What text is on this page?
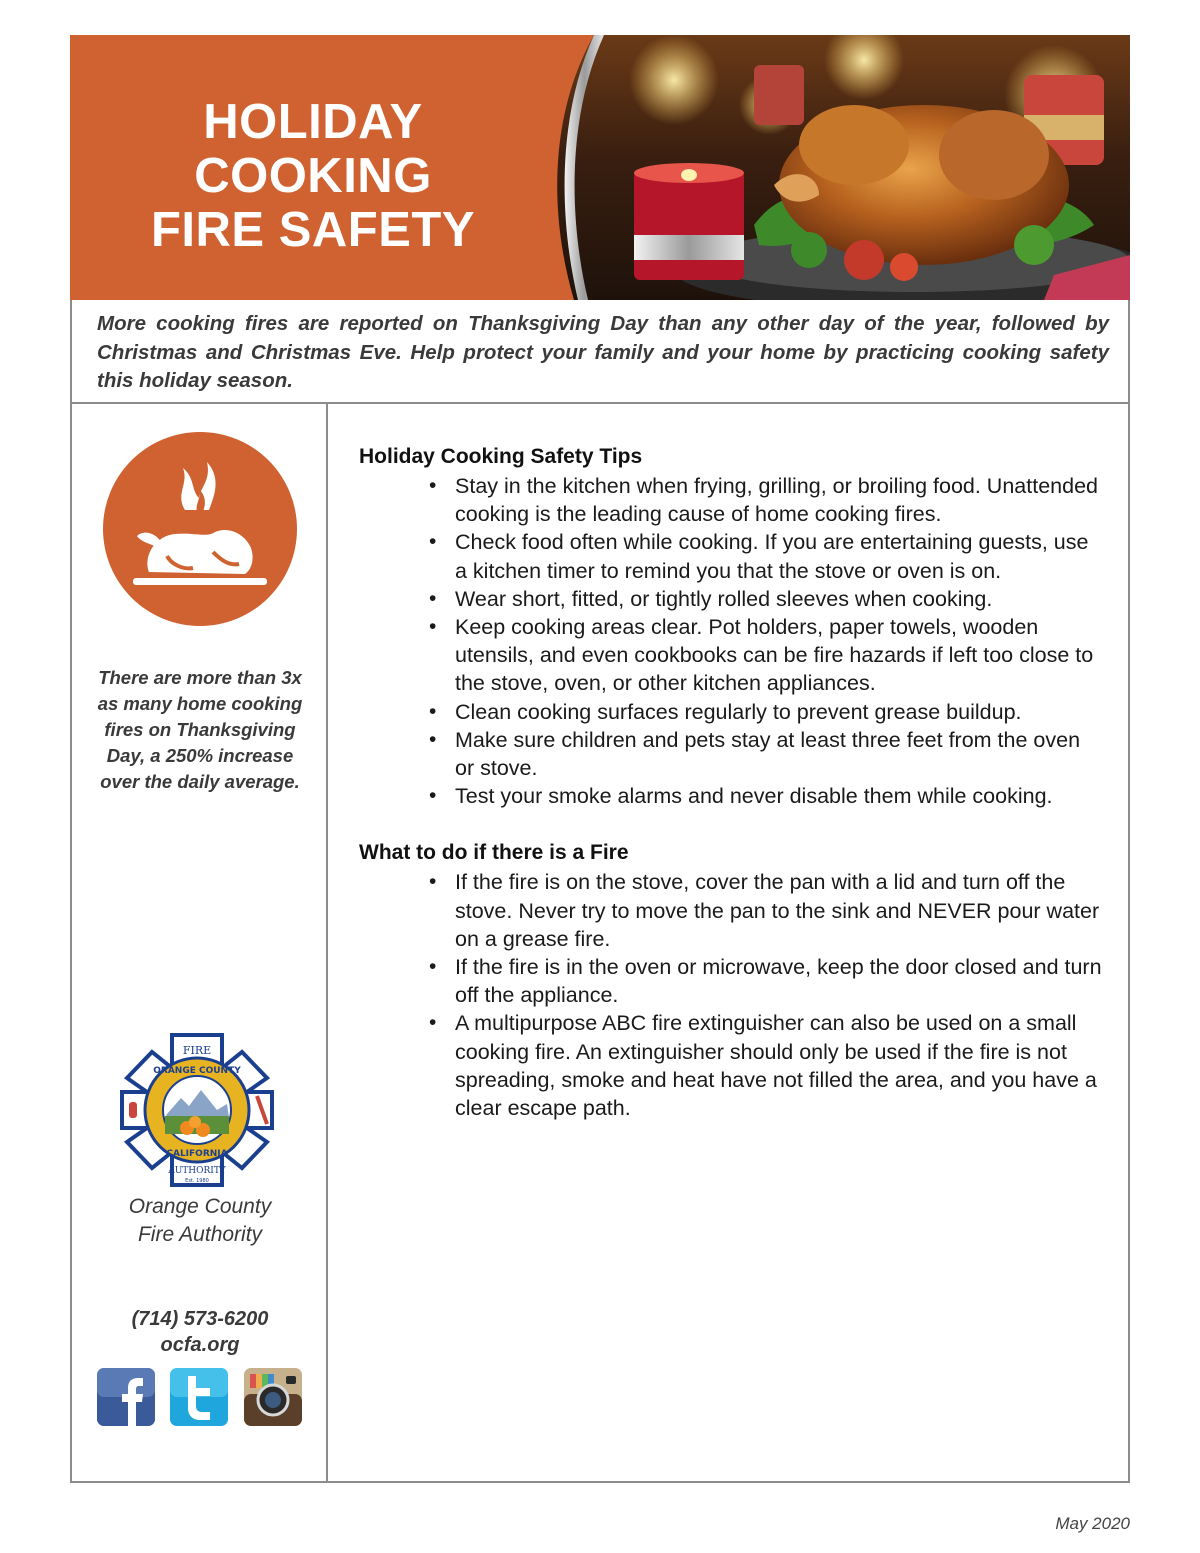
HOLIDAY
COOKING
FIRE SAFETY

More cooking fires are reported on Thanksgiving Day than any other day of the year, followed by Christmas and Christmas Eve. Help protect your family and your home by practicing cooking safety this holiday season.

There are more than 3x as many home cooking fires on Thanksgiving Day, a 250% increase over the daily average.

FIRE
ORANGE COUNTY
CALIFORNIA
AUTHORITY
Est. 1980
Orange County
Fire Authority
(714) 573-6200
ocfa.org
Holiday Cooking Safety Tips
• Stay in the kitchen when frying, grilling, or broiling food. Unattended cooking is the leading cause of home cooking fires.
• Check food often while cooking. If you are entertaining guests, use a kitchen timer to remind you that the stove or oven is on.
• Wear short, fitted, or tightly rolled sleeves when cooking.
• Keep cooking areas clear. Pot holders, paper towels, wooden utensils, and even cookbooks can be fire hazards if left too close to the stove, oven, or other kitchen appliances.
• Clean cooking surfaces regularly to prevent grease buildup.
• Make sure children and pets stay at least three feet from the oven or stove.
• Test your smoke alarms and never disable them while cooking.
What to do if there is a Fire
• If the fire is on the stove, cover the pan with a lid and turn off the stove. Never try to move the pan to the sink and NEVER pour water on a grease fire.
• If the fire is in the oven or microwave, keep the door closed and turn off the appliance.
• A multipurpose ABC fire extinguisher can also be used on a small cooking fire. An extinguisher should only be used if the fire is not spreading, smoke and heat have not filled the area, and you have a clear escape path.
May 2020
